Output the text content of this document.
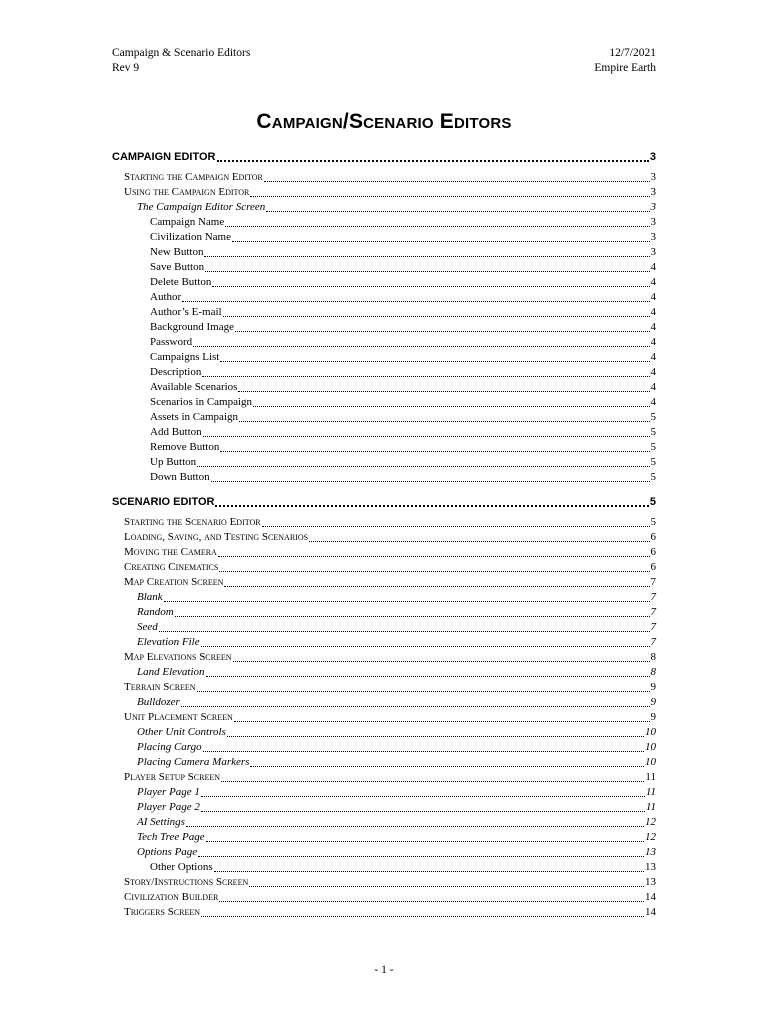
Campaign & Scenario Editors
Rev 9
12/7/2021
Empire Earth
Campaign/Scenario Editors
CAMPAIGN EDITOR	3
Starting the Campaign Editor	3
Using the Campaign Editor	3
The Campaign Editor Screen	3
Campaign Name	3
Civilization Name	3
New Button	3
Save Button	4
Delete Button	4
Author	4
Author’s E-mail	4
Background Image	4
Password	4
Campaigns List	4
Description	4
Available Scenarios	4
Scenarios in Campaign	4
Assets in Campaign	5
Add Button	5
Remove Button	5
Up Button	5
Down Button	5
SCENARIO EDITOR	5
Starting the Scenario Editor	5
Loading, Saving, and Testing Scenarios	6
Moving the Camera	6
Creating Cinematics	6
Map Creation Screen	7
Blank	7
Random	7
Seed	7
Elevation File	7
Map Elevations Screen	8
Land Elevation	8
Terrain Screen	9
Bulldozer	9
Unit Placement Screen	9
Other Unit Controls	10
Placing Cargo	10
Placing Camera Markers	10
Player Setup Screen	11
Player Page 1	11
Player Page 2	11
AI Settings	12
Tech Tree Page	12
Options Page	13
Other Options	13
Story/Instructions Screen	13
Civilization Builder	14
Triggers Screen	14
- 1 -
